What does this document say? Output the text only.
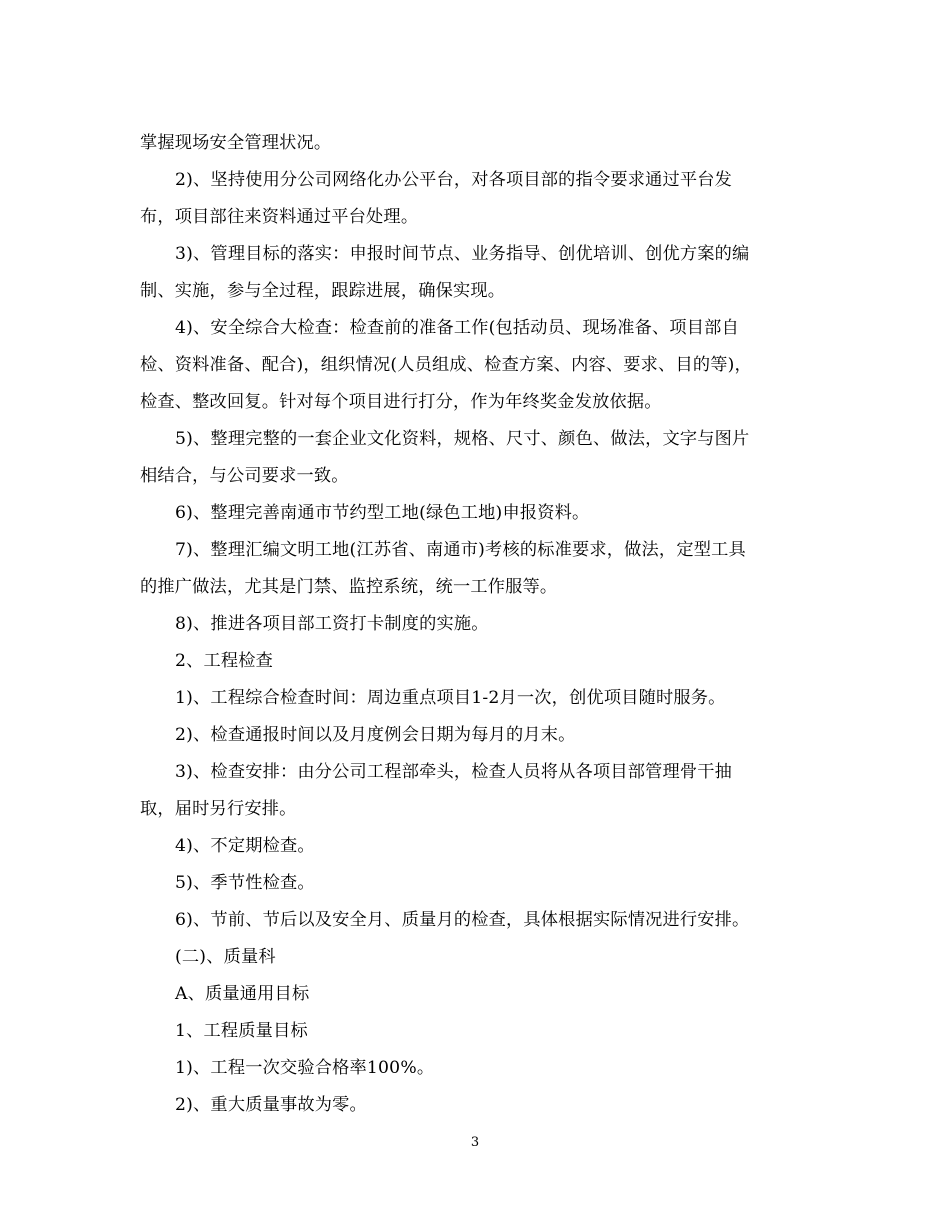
掌握现场安全管理状况。

2)、坚持使用分公司网络化办公平台，对各项目部的指令要求通过平台发

布，项目部往来资料通过平台处理。

3)、管理目标的落实：申报时间节点、业务指导、创优培训、创优方案的编

制、实施，参与全过程，跟踪进展，确保实现。

4)、安全综合大检查：检查前的准备工作(包括动员、现场准备、项目部自

检、资料准备、配合)，组织情况(人员组成、检查方案、内容、要求、目的等)，

检查、整改回复。针对每个项目进行打分，作为年终奖金发放依据。

5)、整理完整的一套企业文化资料，规格、尺寸、颜色、做法，文字与图片

相结合，与公司要求一致。

6)、整理完善南通市节约型工地(绿色工地)申报资料。

7)、整理汇编文明工地(江苏省、南通市)考核的标准要求，做法，定型工具

的推广做法，尤其是门禁、监控系统，统一工作服等。

8)、推进各项目部工资打卡制度的实施。

2、工程检查

1)、工程综合检查时间：周边重点项目1-2月一次，创优项目随时服务。

2)、检查通报时间以及月度例会日期为每月的月末。

3)、检查安排：由分公司工程部牵头，检查人员将从各项目部管理骨干抽

取，届时另行安排。

4)、不定期检查。

5)、季节性检查。

6)、节前、节后以及安全月、质量月的检查，具体根据实际情况进行安排。

(二)、质量科

A、质量通用目标

1、工程质量目标

1)、工程一次交验合格率100%。

2)、重大质量事故为零。

3
